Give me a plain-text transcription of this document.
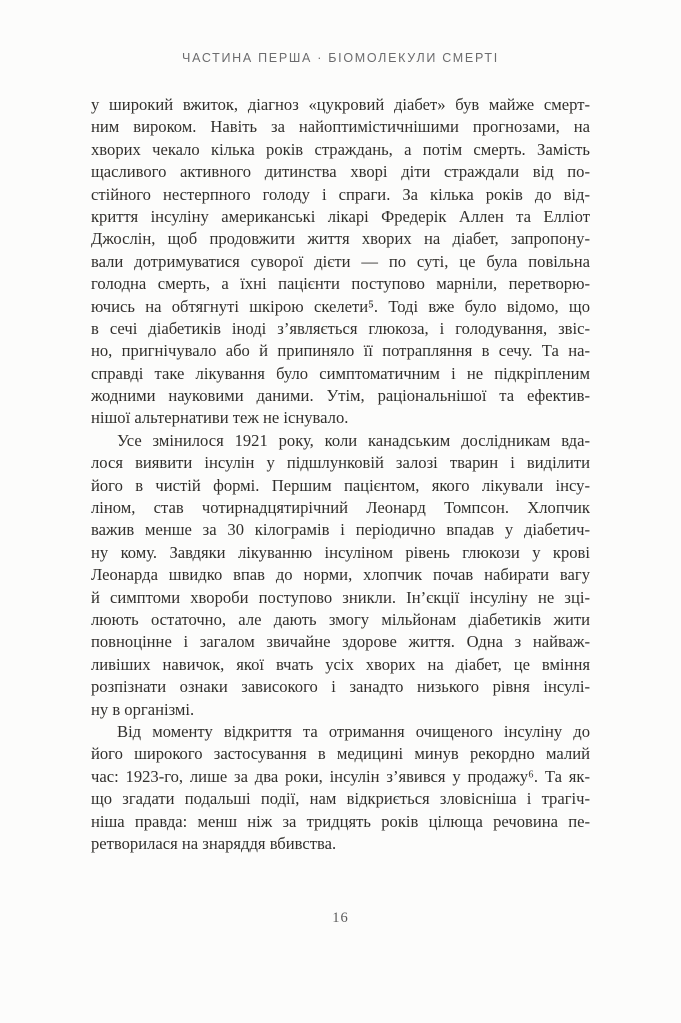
ЧАСТИНА ПЕРША · БІОМОЛЕКУЛИ СМЕРТІ
у широкий вжиток, діагноз «цукровий діабет» був майже смерт-
ним вироком. Навіть за найоптимістичнішими прогнозами, на
хворих чекало кілька років страждань, а потім смерть. Замість
щасливого активного дитинства хворі діти страждали від по-
стійного нестерпного голоду і спраги. За кілька років до від-
криття інсуліну американські лікарі Фредерік Аллен та Елліот
Джослін, щоб продовжити життя хворих на діабет, запропону-
вали дотримуватися суворої дієти — по суті, це була повільна
голодна смерть, а їхні пацієнти поступово марніли, перетворю-
ючись на обтягнуті шкірою скелети⁵. Тоді вже було відомо, що
в сечі діабетиків іноді з’являється глюкоза, і голодування, звіс-
но, пригнічувало або й припиняло її потрапляння в сечу. Та на-
справді таке лікування було симптоматичним і не підкріпленим
жодними науковими даними. Утім, раціональнішої та ефектив-
нішої альтернативи теж не існувало.
Усе змінилося 1921 року, коли канадським дослідникам вда-
лося виявити інсулін у підшлунковій залозі тварин і виділити
його в чистій формі. Першим пацієнтом, якого лікували інсу-
ліном, став чотирнадцятирічний Леонард Томпсон. Хлопчик
важив менше за 30 кілограмів і періодично впадав у діабетич-
ну кому. Завдяки лікуванню інсуліном рівень глюкози у крові
Леонарда швидко впав до норми, хлопчик почав набирати вагу
й симптоми хвороби поступово зникли. Ін’єкції інсуліну не зці-
люють остаточно, але дають змогу мільйонам діабетиків жити
повноцінне і загалом звичайне здорове життя. Одна з найваж-
ливіших навичок, якої вчать усіх хворих на діабет, це вміння
розпізнати ознаки зависокого і занадто низького рівня інсулі-
ну в організмі.
Від моменту відкриття та отримання очищеного інсуліну до
його широкого застосування в медицині минув рекордно малий
час: 1923-го, лише за два роки, інсулін з’явився у продажу⁶. Та як-
що згадати подальші події, нам відкриється зловісніша і трагіч-
ніша правда: менш ніж за тридцять років цілюща речовина пе-
ретворилася на знаряддя вбивства.
16
